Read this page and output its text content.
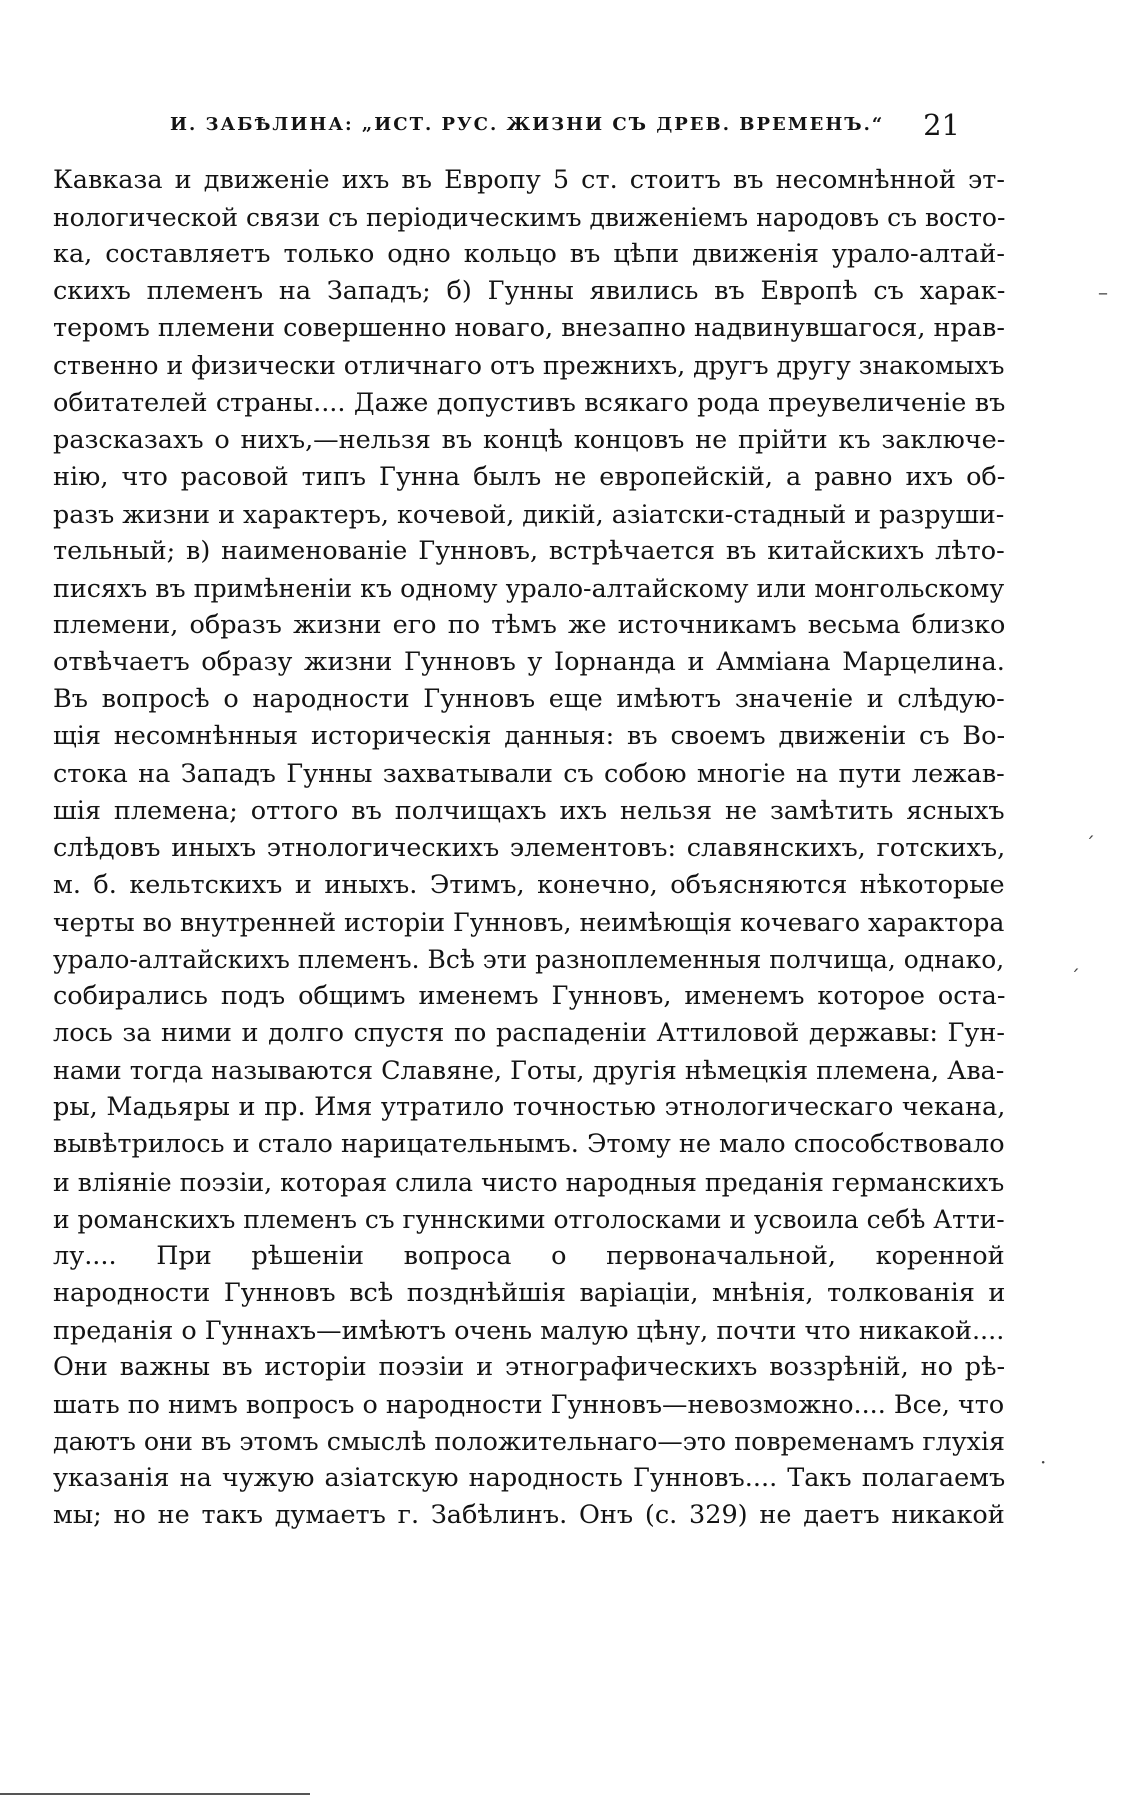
И. ЗАБѢЛИНА: „ИСТ. РУС. ЖИЗНИ СЪ ДРЕВ. ВРЕМЕНЪ.“ 21
Кавказа и движеніе ихъ въ Европу 5 ст. стоитъ въ несомнѣнной эт-
нологической связи съ періодическимъ движеніемъ народовъ съ восто-
ка, составляетъ только одно кольцо въ цѣпи движенія урало-алтай-
скихъ племенъ на Западъ; б) Гунны явились въ Европѣ съ харак-
теромъ племени совершенно новаго, внезапно надвинувшагося, нрав-
ственно и физически отличнаго отъ прежнихъ, другъ другу знакомыхъ
обитателей страны.... Даже допустивъ всякаго рода преувеличеніе въ
разсказахъ о нихъ,—нельзя въ концѣ концовъ не прійти къ заключе-
нію, что расовой типъ Гунна былъ не европейскій, а равно ихъ об-
разъ жизни и характеръ, кочевой, дикій, азіатски-стадный и разруши-
тельный; в) наименованіе Гунновъ, встрѣчается въ китайскихъ лѣто-
писяхъ въ примѣненіи къ одному урало-алтайскому или монгольскому
племени, образъ жизни его по тѣмъ же источникамъ весьма близко
отвѣчаетъ образу жизни Гунновъ у Іорнанда и Амміана Марцелина.
Въ вопросѣ о народности Гунновъ еще имѣютъ значеніе и слѣдую-
щія несомнѣнныя историческія данныя: въ своемъ движеніи съ Во-
стока на Западъ Гунны захватывали съ собою многіе на пути лежав-
шія племена; оттого въ полчищахъ ихъ нельзя не замѣтить ясныхъ
слѣдовъ иныхъ этнологическихъ элементовъ: славянскихъ, готскихъ,
м. б. кельтскихъ и иныхъ. Этимъ, конечно, объясняются нѣкоторые
черты во внутренней исторіи Гунновъ, неимѣющія кочеваго характора
урало-алтайскихъ племенъ. Всѣ эти разноплеменныя полчища, однако,
собирались подъ общимъ именемъ Гунновъ, именемъ которое оста-
лось за ними и долго спустя по распаденіи Аттиловой державы: Гун-
нами тогда называются Славяне, Готы, другія нѣмецкія племена, Ава-
ры, Мадьяры и пр. Имя утратило точностью этнологическаго чекана,
вывѣтрилось и стало нарицательнымъ. Этому не мало способствовало
и вліяніе поэзіи, которая слила чисто народныя преданія германскихъ
и романскихъ племенъ съ гуннскими отголосками и усвоила себѣ Атти-
лу.... При рѣшеніи вопроса о первоначальной, коренной
народности Гунновъ всѣ позднѣйшія варіаціи, мнѣнія, толкованія и
преданія о Гуннахъ—имѣютъ очень малую цѣну, почти что никакой....
Они важны въ исторіи поэзіи и этнографическихъ воззрѣній, но рѣ-
шать по нимъ вопросъ о народности Гунновъ—невозможно.... Все, что
даютъ они въ этомъ смыслѣ положительнаго—это повременамъ глухія
указанія на чужую азіатскую народность Гунновъ.... Такъ полагаемъ
мы; но не такъ думаетъ г. Забѣлинъ. Онъ (с. 329) не даетъ никакой
–
ˊ
ˊ
·
